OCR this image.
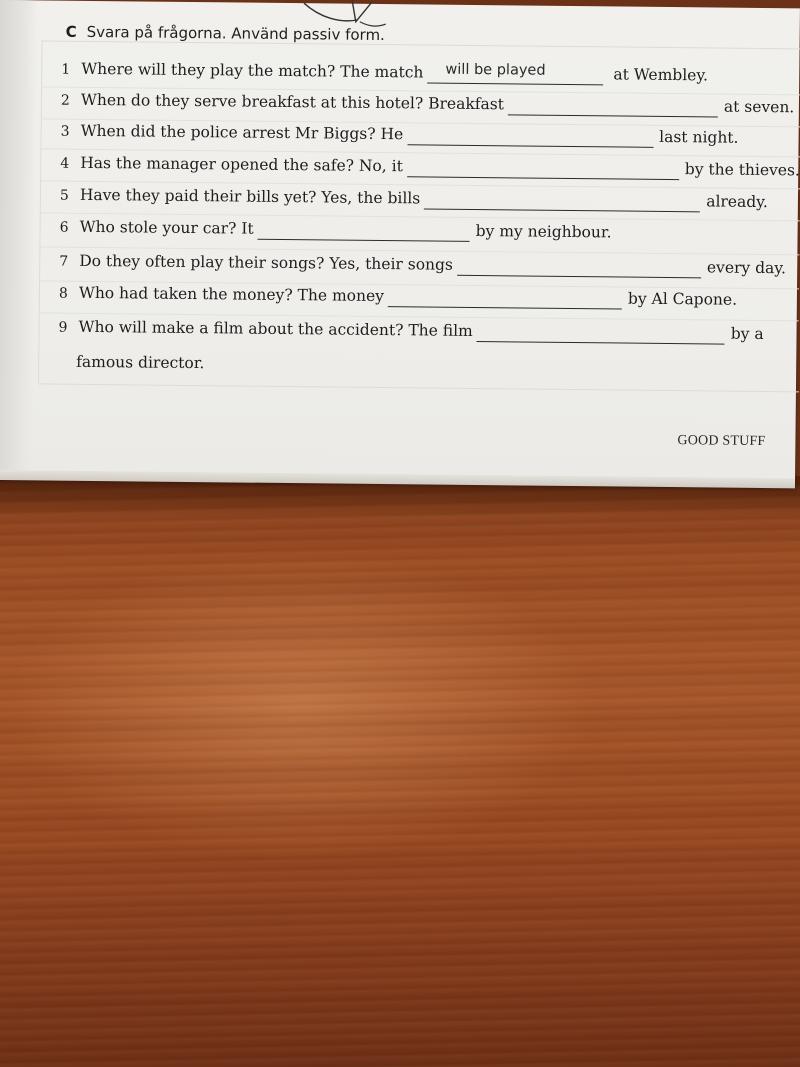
C Svara på frågorna. Använd passiv form.
1 Where will they play the match? The match will be played	at Wembley.
2 When do they serve breakfast at this hotel? Breakfast	at seven.
3 When did the police arrest Mr Biggs? He	last night.
4 Has the manager opened the safe? No, it	by the thieves.
5 Have they paid their bills yet? Yes, the bills	already.
6 Who stole your car? It	by my neighbour.
7 Do they often play their songs? Yes, their songs	every day.
8 Who had taken the money? The money	by Al Capone.
9 Who will make a film about the accident? The film	by a
famous director.
GOOD STUFF
